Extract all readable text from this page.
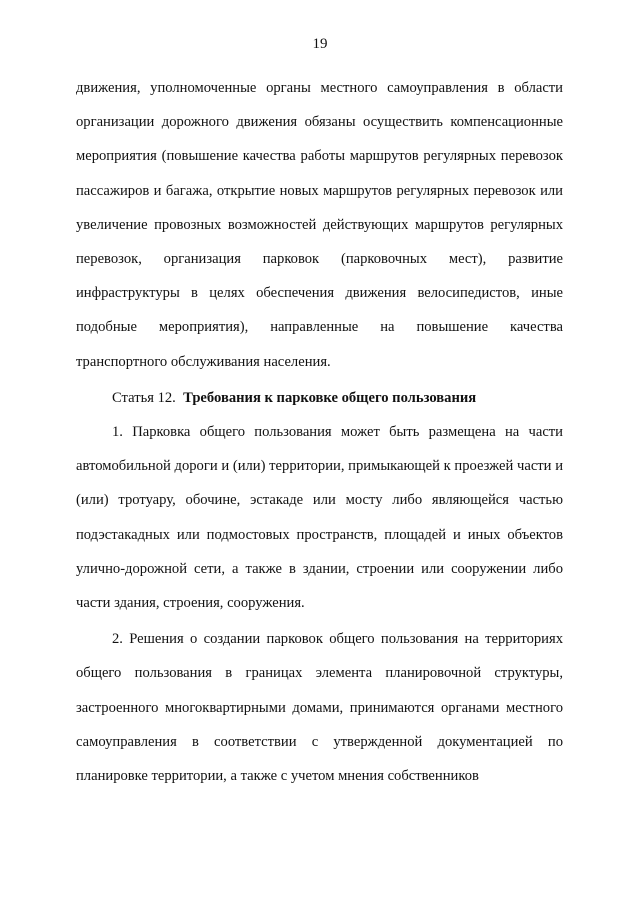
19

движения, уполномоченные органы местного самоуправления в области организации дорожного движения обязаны осуществить компенсационные мероприятия (повышение качества работы маршрутов регулярных перевозок пассажиров и багажа, открытие новых маршрутов регулярных перевозок или увеличение провозных возможностей действующих маршрутов регулярных перевозок, организация парковок (парковочных мест), развитие инфраструктуры в целях обеспечения движения велосипедистов, иные подобные мероприятия), направленные на повышение качества транспортного обслуживания населения.

Статья 12. Требования к парковке общего пользования

1. Парковка общего пользования может быть размещена на части автомобильной дороги и (или) территории, примыкающей к проезжей части и (или) тротуару, обочине, эстакаде или мосту либо являющейся частью подэстакадных или подмостовых пространств, площадей и иных объектов улично-дорожной сети, а также в здании, строении или сооружении либо части здания, строения, сооружения.

2. Решения о создании парковок общего пользования на территориях общего пользования в границах элемента планировочной структуры, застроенного многоквартирными домами, принимаются органами местного самоуправления в соответствии с утвержденной документацией по планировке территории, а также с учетом мнения собственников
